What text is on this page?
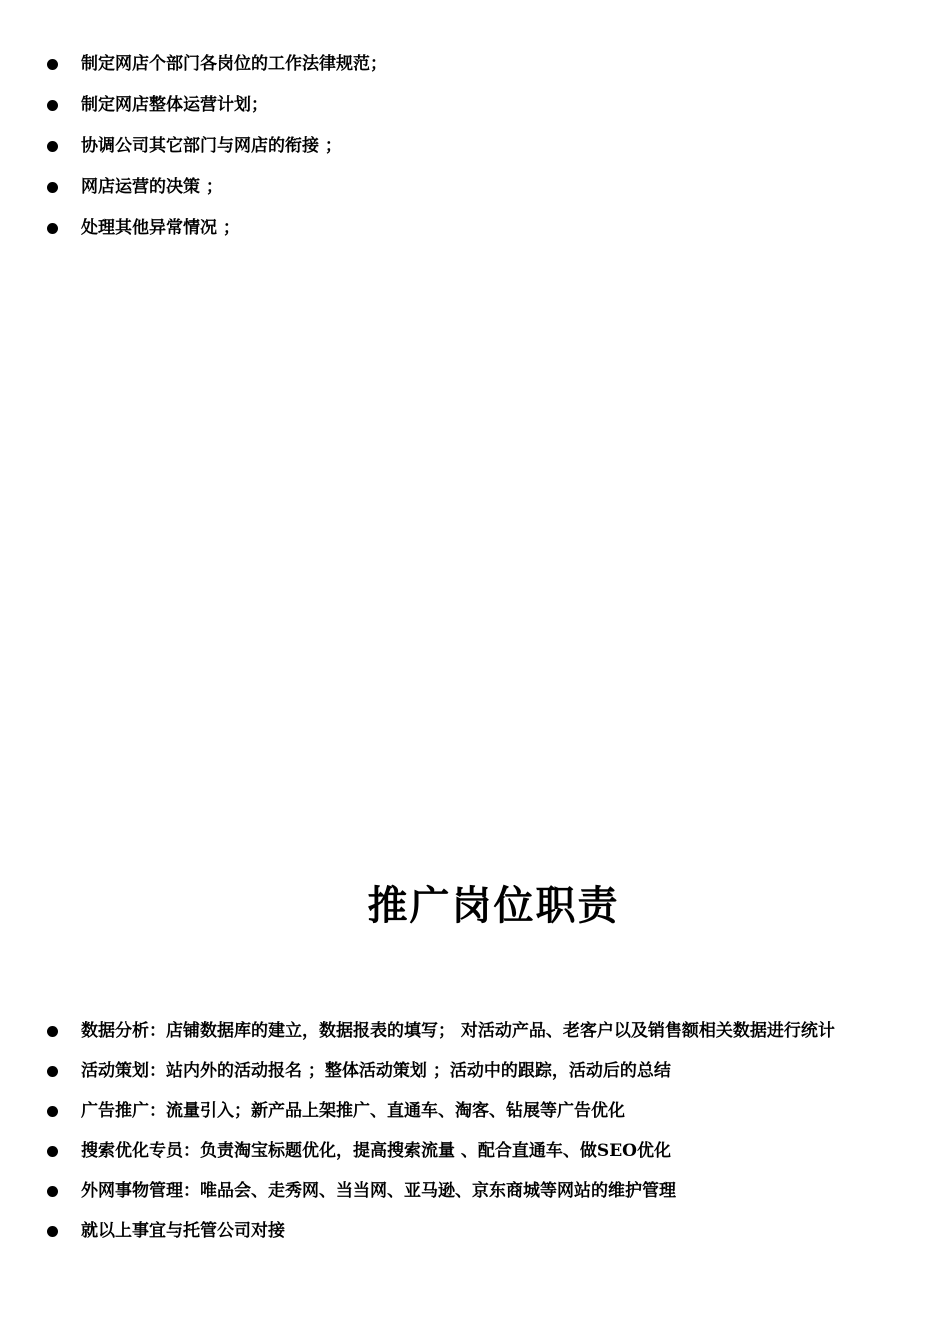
制定网店个部门各岗位的工作法律规范；
制定网店整体运营计划；
协调公司其它部门与网店的衔接 ；
网店运营的决策 ；
处理其他异常情况 ；
推广岗位职责
数据分析：店铺数据库的建立，数据报表的填写； 对活动产品、老客户以及销售额相关数据进行统计
活动策划：站内外的活动报名 ；整体活动策划 ；活动中的跟踪，活动后的总结
广告推广：流量引入；新产品上架推广、直通车、淘客、钻展等广告优化
搜索优化专员：负责淘宝标题优化，提高搜索流量 、配合直通车、做SEO优化
外网事物管理：唯品会、走秀网、当当网、亚马逊、京东商城等网站的维护管理
就以上事宜与托管公司对接
